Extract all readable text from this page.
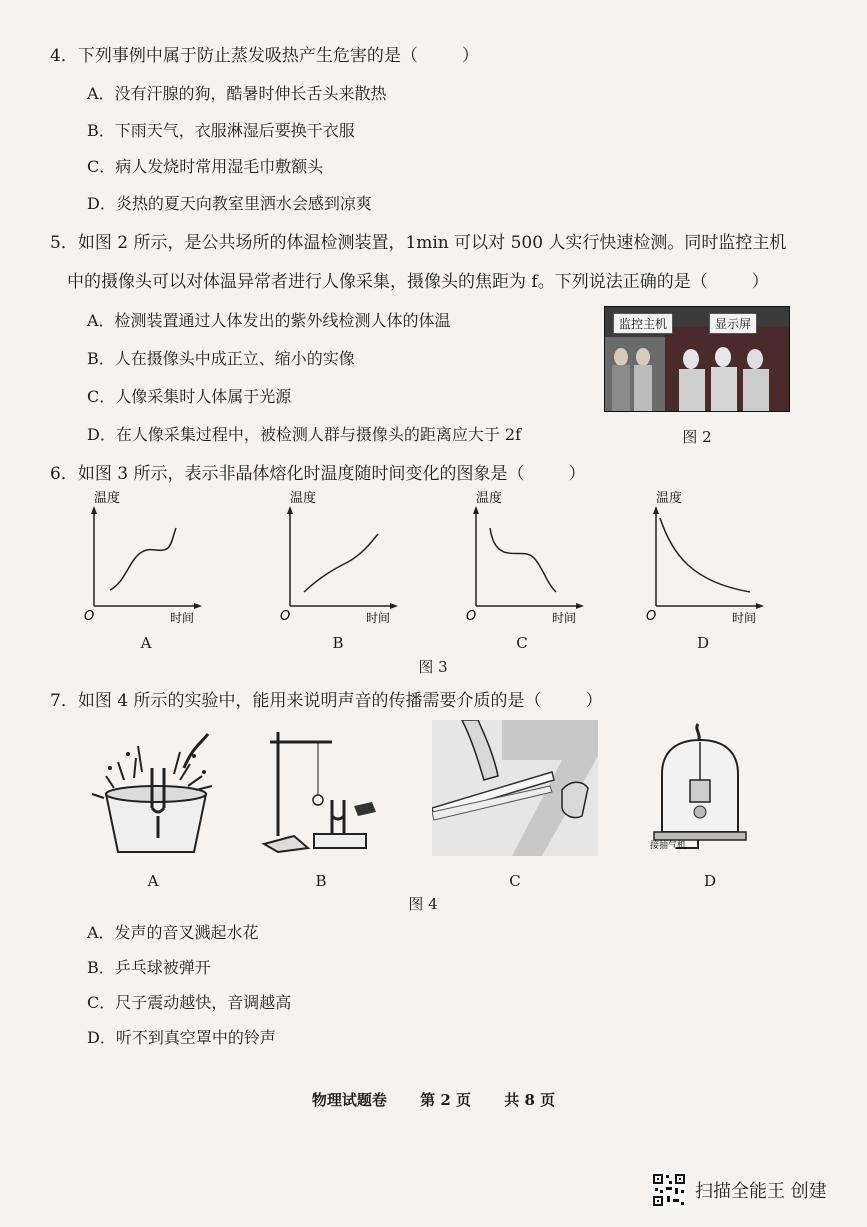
4．下列事例中属于防止蒸发吸热产生危害的是（	）
A．没有汗腺的狗，酷暑时伸长舌头来散热
B．下雨天气，衣服淋湿后要换干衣服
C．病人发烧时常用湿毛巾敷额头
D．炎热的夏天向教室里洒水会感到凉爽
5．如图 2 所示，是公共场所的体温检测装置，1min 可以对 500 人实行快速检测。同时监控主机
中的摄像头可以对体温异常者进行人像采集，摄像头的焦距为 f。下列说法正确的是（	）
A．检测装置通过人体发出的紫外线检测人体的体温
B．人在摄像头中成正立、缩小的实像
C．人像采集时人体属于光源
D．在人像采集过程中，被检测人群与摄像头的距离应大于 2f
监控主机	显示屏
图 2
6．如图 3 所示，表示非晶体熔化时温度随时间变化的图象是（	）
温度
O	时间
A
温度
O	时间
B
温度
O	时间
C
温度
O	时间
D
图 3
7．如图 4 所示的实验中，能用来说明声音的传播需要介质的是（	）
A	B	C
接抽气机
D
图 4
A．发声的音叉溅起水花
B．乒乓球被弹开
C．尺子震动越快，音调越高
D．听不到真空罩中的铃声
物理试题卷 第 2 页 共 8 页
扫描全能王 创建
